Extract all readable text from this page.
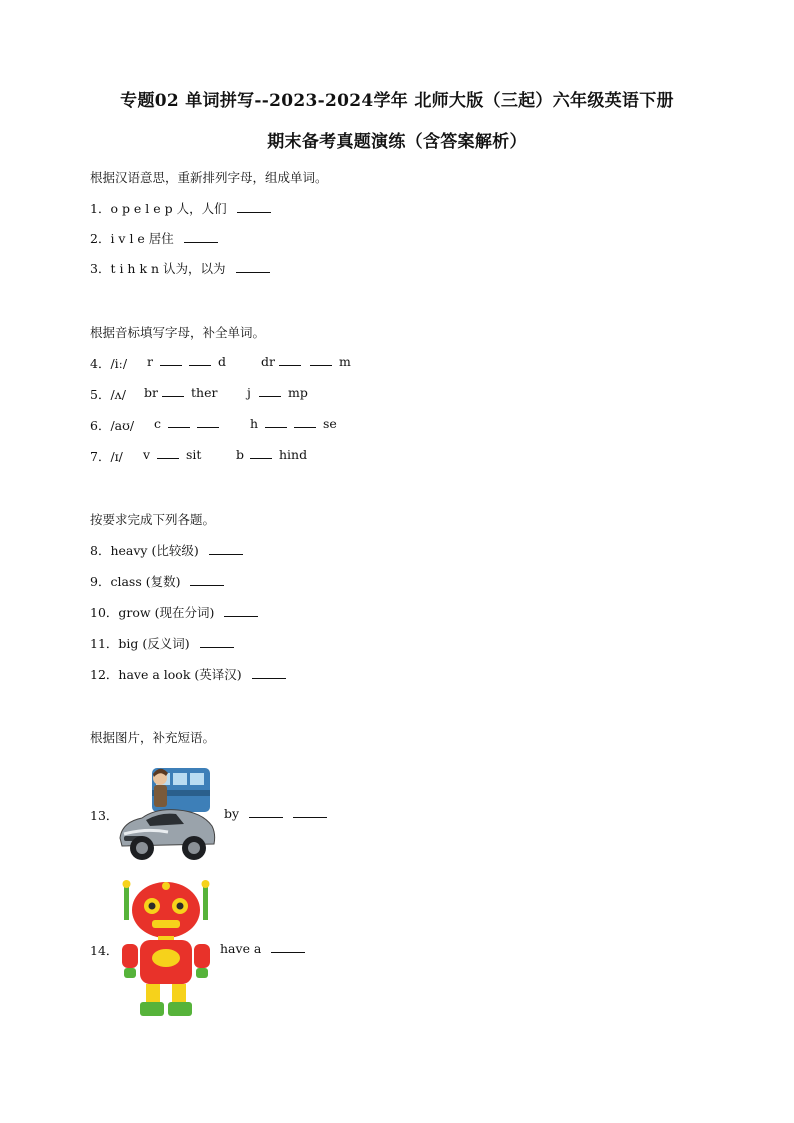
专题02 单词拼写--2023-2024学年 北师大版（三起）六年级英语下册
期末备考真题演练（含答案解析）
根据汉语意思，重新排列字母，组成单词。
1．o p e l e p 人，人们
2．i v l e 居住
3．t i h k n 认为，以为
根据音标填写字母，补全单词。
4．/iː/ r	d	dr	m
5．/ʌ/ br	ther j	mp
6．/aʊ/ c	h	se
7．/ɪ/ v	sit	b	hind
按要求完成下列各题。
8．heavy (比较级)
9．class (复数)
10．grow (现在分词)
11．big (反义词)
12．have a look (英译汉)
根据图片，补充短语。
13．	by
14．	have a
